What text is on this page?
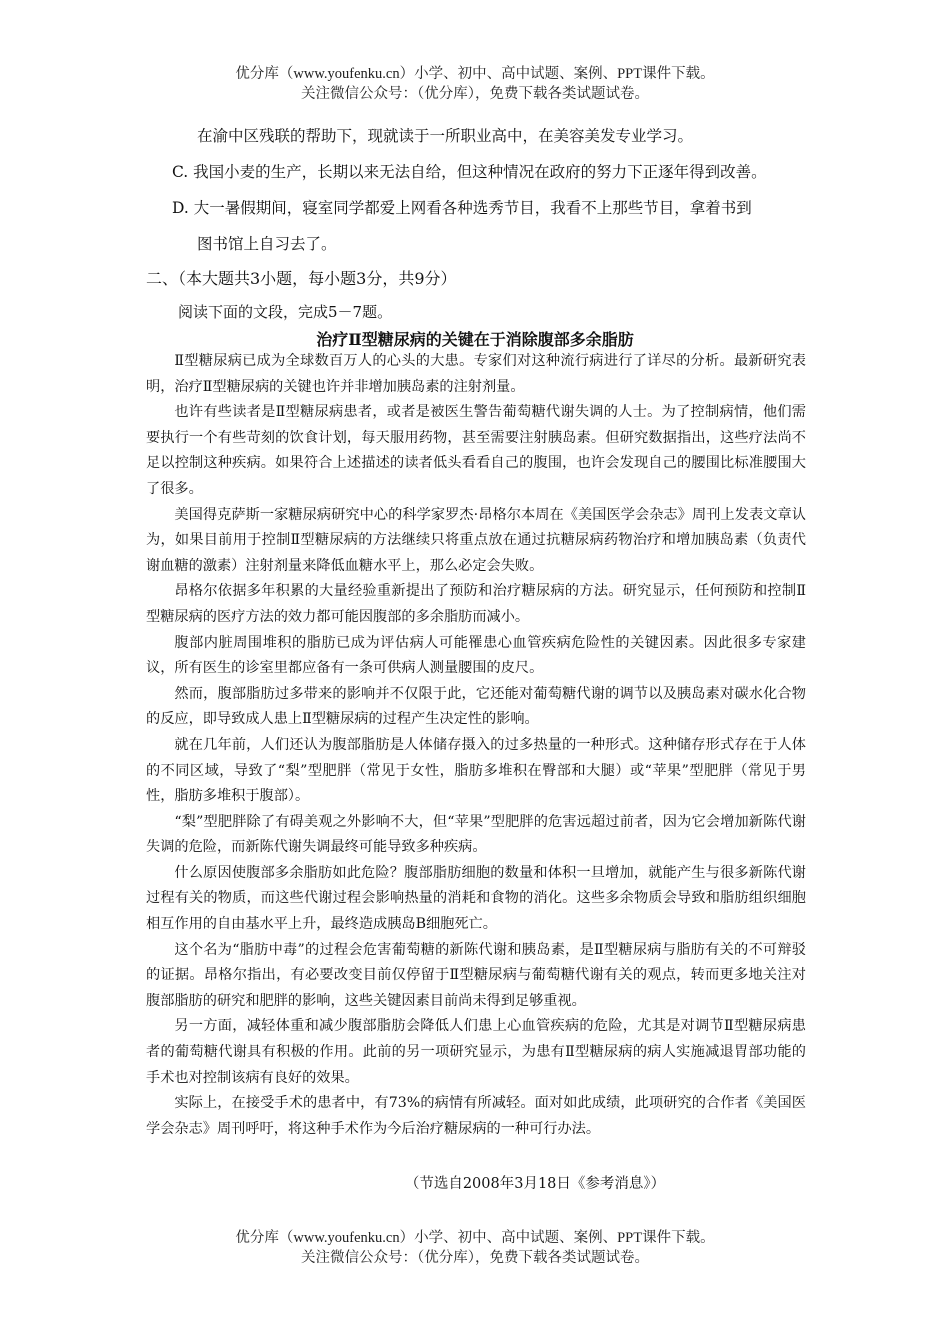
优分库（www.youfenku.cn）小学、初中、高中试题、案例、PPT课件下载。
关注微信公众号：（优分库），免费下载各类试题试卷。
在渝中区残联的帮助下，现就读于一所职业高中，在美容美发专业学习。
C. 我国小麦的生产，长期以来无法自给，但这种情况在政府的努力下正逐年得到改善。
D. 大一暑假期间，寝室同学都爱上网看各种选秀节目，我看不上那些节目，拿着书到
图书馆上自习去了。
二、（本大题共3小题，每小题3分，共9分）
阅读下面的文段，完成5－7题。
治疗Ⅱ型糖尿病的关键在于消除腹部多余脂肪

Ⅱ型糖尿病已成为全球数百万人的心头的大患。专家们对这种流行病进行了详尽的分析。最新研究表明，治疗Ⅱ型糖尿病的关键也许并非增加胰岛素的注射剂量。

也许有些读者是Ⅱ型糖尿病患者，或者是被医生警告葡萄糖代谢失调的人士。为了控制病情，他们需要执行一个有些苛刻的饮食计划，每天服用药物，甚至需要注射胰岛素。但研究数据指出，这些疗法尚不足以控制这种疾病。如果符合上述描述的读者低头看看自己的腹围，也许会发现自己的腰围比标准腰围大了很多。

美国得克萨斯一家糖尿病研究中心的科学家罗杰·昂格尔本周在《美国医学会杂志》周刊上发表文章认为，如果目前用于控制Ⅱ型糖尿病的方法继续只将重点放在通过抗糖尿病药物治疗和增加胰岛素（负责代谢血糖的激素）注射剂量来降低血糖水平上，那么必定会失败。

昂格尔依据多年积累的大量经验重新提出了预防和治疗糖尿病的方法。研究显示，任何预防和控制Ⅱ型糖尿病的医疗方法的效力都可能因腹部的多余脂肪而减小。

腹部内脏周围堆积的脂肪已成为评估病人可能罹患心血管疾病危险性的关键因素。因此很多专家建议，所有医生的诊室里都应备有一条可供病人测量腰围的皮尺。

然而，腹部脂肪过多带来的影响并不仅限于此，它还能对葡萄糖代谢的调节以及胰岛素对碳水化合物的反应，即导致成人患上Ⅱ型糖尿病的过程产生决定性的影响。

就在几年前，人们还认为腹部脂肪是人体储存摄入的过多热量的一种形式。这种储存形式存在于人体的不同区域，导致了“梨”型肥胖（常见于女性，脂肪多堆积在臀部和大腿）或“苹果”型肥胖（常见于男性，脂肪多堆积于腹部）。

“梨”型肥胖除了有碍美观之外影响不大，但“苹果”型肥胖的危害远超过前者，因为它会增加新陈代谢失调的危险，而新陈代谢失调最终可能导致多种疾病。

什么原因使腹部多余脂肪如此危险？腹部脂肪细胞的数量和体积一旦增加，就能产生与很多新陈代谢过程有关的物质，而这些代谢过程会影响热量的消耗和食物的消化。这些多余物质会导致和脂肪组织细胞相互作用的自由基水平上升，最终造成胰岛B细胞死亡。

这个名为“脂肪中毒”的过程会危害葡萄糖的新陈代谢和胰岛素，是Ⅱ型糖尿病与脂肪有关的不可辩驳的证据。昂格尔指出，有必要改变目前仅停留于Ⅱ型糖尿病与葡萄糖代谢有关的观点，转而更多地关注对腹部脂肪的研究和肥胖的影响，这些关键因素目前尚未得到足够重视。

另一方面，减轻体重和减少腹部脂肪会降低人们患上心血管疾病的危险，尤其是对调节Ⅱ型糖尿病患者的葡萄糖代谢具有积极的作用。此前的另一项研究显示，为患有Ⅱ型糖尿病的病人实施减退胃部功能的手术也对控制该病有良好的效果。

实际上，在接受手术的患者中，有73%的病情有所减轻。面对如此成绩，此项研究的合作者《美国医学会杂志》周刊呼吁，将这种手术作为今后治疗糖尿病的一种可行办法。

（节选自2008年3月18日《参考消息》）
优分库（www.youfenku.cn）小学、初中、高中试题、案例、PPT课件下载。
关注微信公众号：（优分库），免费下载各类试题试卷。
